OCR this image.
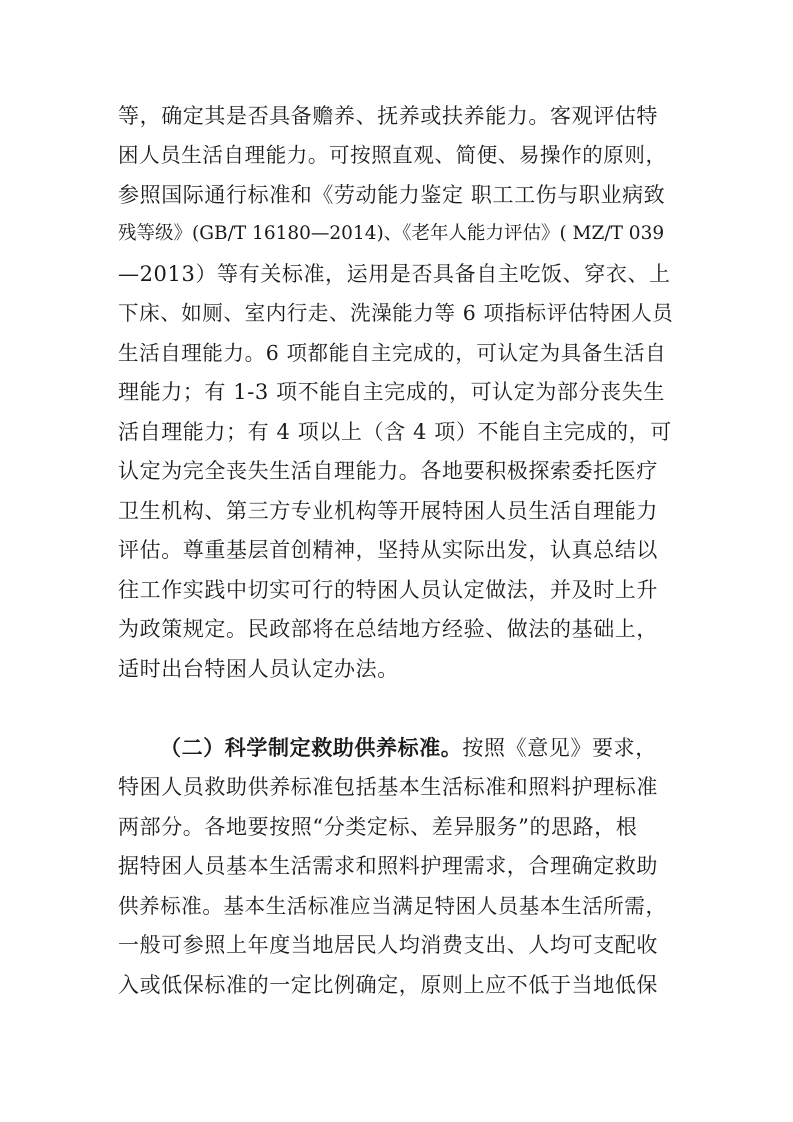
等，确定其是否具备赡养、抚养或扶养能力。客观评估特
困人员生活自理能力。可按照直观、简便、易操作的原则，
参照国际通行标准和《劳动能力鉴定 职工工伤与职业病致
残等级》(GB/T 16180—2014)、《老年人能力评估》( MZ/T 039
—2013）等有关标准，运用是否具备自主吃饭、穿衣、上
下床、如厕、室内行走、洗澡能力等 6 项指标评估特困人员
生活自理能力。6 项都能自主完成的，可认定为具备生活自
理能力；有 1-3 项不能自主完成的，可认定为部分丧失生
活自理能力；有 4 项以上（含 4 项）不能自主完成的，可
认定为完全丧失生活自理能力。各地要积极探索委托医疗
卫生机构、第三方专业机构等开展特困人员生活自理能力
评估。尊重基层首创精神，坚持从实际出发，认真总结以
往工作实践中切实可行的特困人员认定做法，并及时上升
为政策规定。民政部将在总结地方经验、做法的基础上，
适时出台特困人员认定办法。
（二）科学制定救助供养标准。按照《意见》要求，
特困人员救助供养标准包括基本生活标准和照料护理标准
两部分。各地要按照“分类定标、差异服务”的思路，根
据特困人员基本生活需求和照料护理需求，合理确定救助
供养标准。基本生活标准应当满足特困人员基本生活所需，
一般可参照上年度当地居民人均消费支出、人均可支配收
入或低保标准的一定比例确定，原则上应不低于当地低保
